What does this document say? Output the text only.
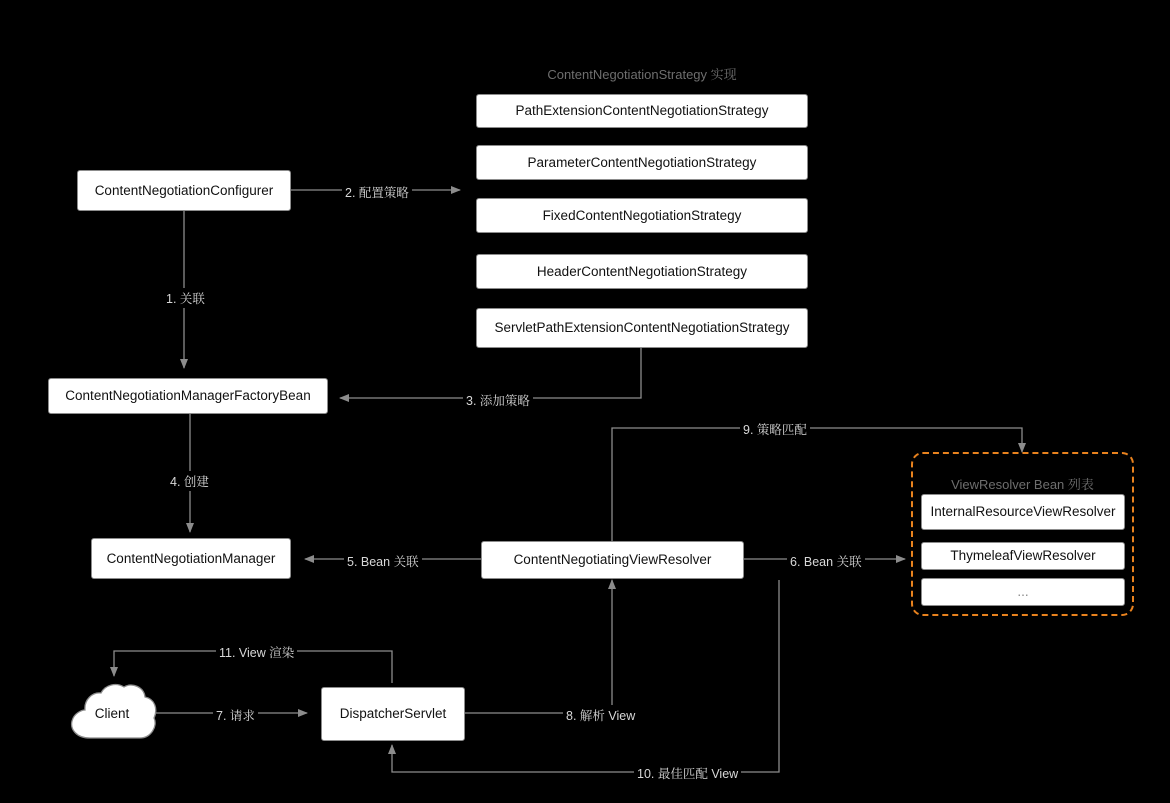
ContentNegotiationStrategy 实现
PathExtensionContentNegotiationStrategy
ParameterContentNegotiationStrategy
FixedContentNegotiationStrategy
HeaderContentNegotiationStrategy
ServletPathExtensionContentNegotiationStrategy
ContentNegotiationConfigurer
ContentNegotiationManagerFactoryBean
ContentNegotiationManager	ContentNegotiatingViewResolver
DispatcherServlet
Client
ViewResolver Bean 列表
InternalResourceViewResolver
ThymeleafViewResolver
...
2. 配置策略
1. 关联
3. 添加策略
4. 创建
5. Bean 关联	6. Bean 关联
9. 策略匹配
7. 请求	8. 解析 View
10. 最佳匹配 View
11. View 渲染
